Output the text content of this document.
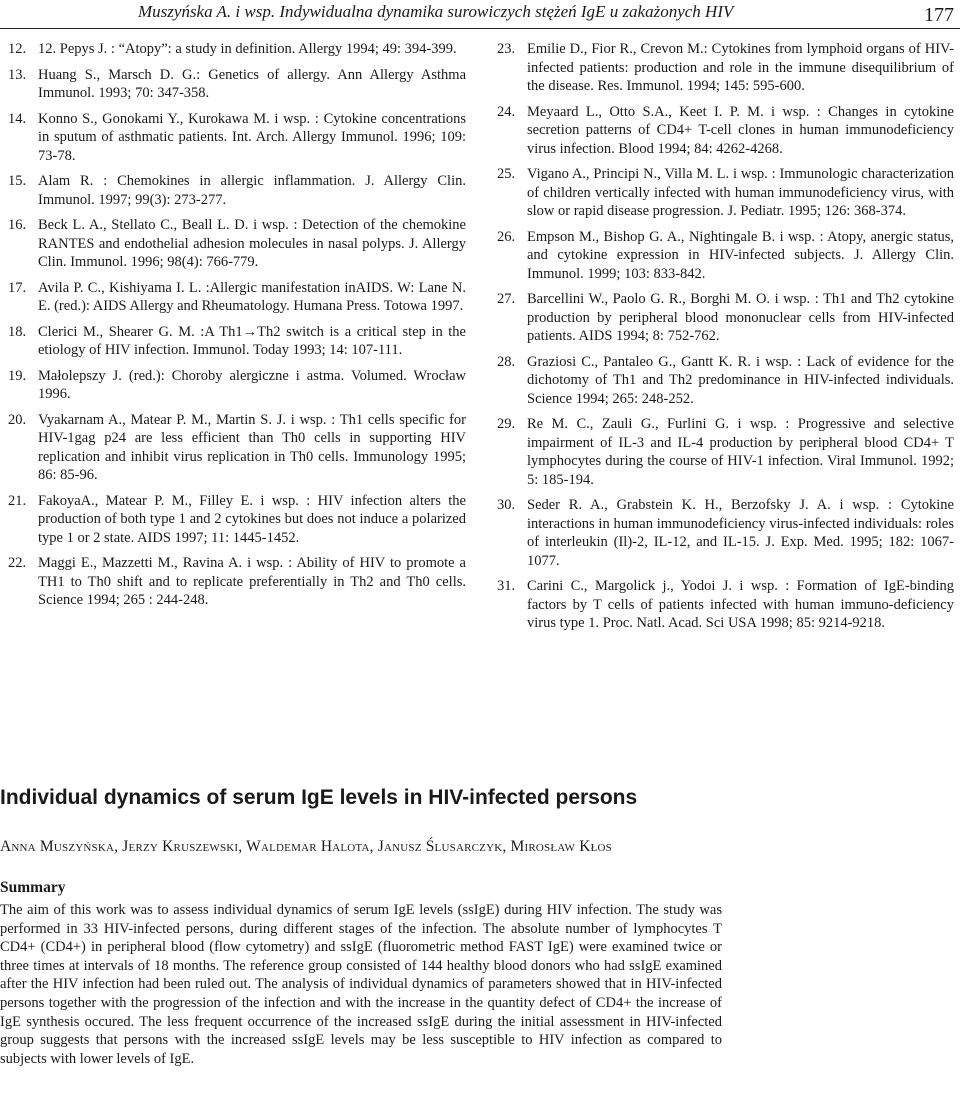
Muszyńska A. i wsp. Indywidualna dynamika surowiczych stężeń IgE u zakażonych HIV	177
12. 12. Pepys J. : “Atopy”: a study in definition. Allergy 1994; 49: 394-399.
13. Huang S., Marsch D. G.: Genetics of allergy. Ann Allergy Asthma Immunol. 1993; 70: 347-358.
14. Konno S., Gonokami Y., Kurokawa M. i wsp. : Cytokine concentrations in sputum of asthmatic patients. Int. Arch. Allergy Immunol. 1996; 109: 73-78.
15. Alam R. : Chemokines in allergic inflammation. J. Allergy Clin. Immunol. 1997; 99(3): 273-277.
16. Beck L. A., Stellato C., Beall L. D. i wsp. : Detection of the chemokine RANTES and endothelial adhesion molecules in nasal polyps. J. Allergy Clin. Immunol. 1996; 98(4): 766-779.
17. Avila P. C., Kishiyama I. L. :Allergic manifestation inAIDS. W: Lane N. E. (red.): AIDS Allergy and Rheumatology. Humana Press. Totowa 1997.
18. Clerici M., Shearer G. M. :A Th1→Th2 switch is a critical step in the etiology of HIV infection. Immunol. Today 1993; 14: 107-111.
19. Małolepszy J. (red.): Choroby alergiczne i astma. Volumed. Wrocław 1996.
20. Vyakarnam A., Matear P. M., Martin S. J. i wsp. : Th1 cells specific for HIV-1gag p24 are less efficient than Th0 cells in supporting HIV replication and inhibit virus replication in Th0 cells. Immunology 1995; 86: 85-96.
21. FakoyaA., Matear P. M., Filley E. i wsp. : HIV infection alters the production of both type 1 and 2 cytokines but does not induce a polarized type 1 or 2 state. AIDS 1997; 11: 1445-1452.
22. Maggi E., Mazzetti M., Ravina A. i wsp. : Ability of HIV to promote a TH1 to Th0 shift and to replicate preferentially in Th2 and Th0 cells. Science 1994; 265 : 244-248.
23. Emilie D., Fior R., Crevon M.: Cytokines from lymphoid organs of HIV-infected patients: production and role in the immune disequilibrium of the disease. Res. Immunol. 1994; 145: 595-600.
24. Meyaard L., Otto S.A., Keet I. P. M. i wsp. : Changes in cytokine secretion patterns of CD4+ T-cell clones in human immunodeficiency virus infection. Blood 1994; 84: 4262-4268.
25. Vigano A., Principi N., Villa M. L. i wsp. : Immunologic characterization of children vertically infected with human immunodeficiency virus, with slow or rapid disease progression. J. Pediatr. 1995; 126: 368-374.
26. Empson M., Bishop G. A., Nightingale B. i wsp. : Atopy, anergic status, and cytokine expression in HIV-infected subjects. J. Allergy Clin. Immunol. 1999; 103: 833-842.
27. Barcellini W., Paolo G. R., Borghi M. O. i wsp. : Th1 and Th2 cytokine production by peripheral blood mononuclear cells from HIV-infected patients. AIDS 1994; 8: 752-762.
28. Graziosi C., Pantaleo G., Gantt K. R. i wsp. : Lack of evidence for the dichotomy of Th1 and Th2 predominance in HIV-infected individuals. Science 1994; 265: 248-252.
29. Re M. C., Zauli G., Furlini G. i wsp. : Progressive and selective impairment of IL-3 and IL-4 production by peripheral blood CD4+ T lymphocytes during the course of HIV-1 infection. Viral Immunol. 1992; 5: 185-194.
30. Seder R. A., Grabstein K. H., Berzofsky J. A. i wsp. : Cytokine interactions in human immunodeficiency virus-infected individuals: roles of interleukin (Il)-2, IL-12, and IL-15. J. Exp. Med. 1995; 182: 1067-1077.
31. Carini C., Margolick j., Yodoi J. i wsp. : Formation of IgE-binding factors by T cells of patients infected with human immuno-deficiency virus type 1. Proc. Natl. Acad. Sci USA 1998; 85: 9214-9218.
Individual dynamics of serum IgE levels in HIV-infected persons
Anna Muszyńska, Jerzy Kruszewski, Waldemar Halota, Janusz Ślusarczyk, Mirosław Kłos
Summary
The aim of this work was to assess individual dynamics of serum IgE levels (ssIgE) during HIV infection. The study was performed in 33 HIV-infected persons, during different stages of the infection. The absolute number of lymphocytes T CD4+ (CD4+) in peripheral blood (flow cytometry) and ssIgE (fluorometric method FAST IgE) were examined twice or three times at intervals of 18 months. The reference group consisted of 144 healthy blood donors who had ssIgE examined after the HIV infection had been ruled out. The analysis of individual dynamics of parameters showed that in HIV-infected persons together with the progression of the infection and with the increase in the quantity defect of CD4+ the increase of IgE synthesis occured. The less frequent occurrence of the increased ssIgE during the initial assessment in HIV-infected group suggests that persons with the increased ssIgE levels may be less susceptible to HIV infection as compared to subjects with lower levels of IgE.
